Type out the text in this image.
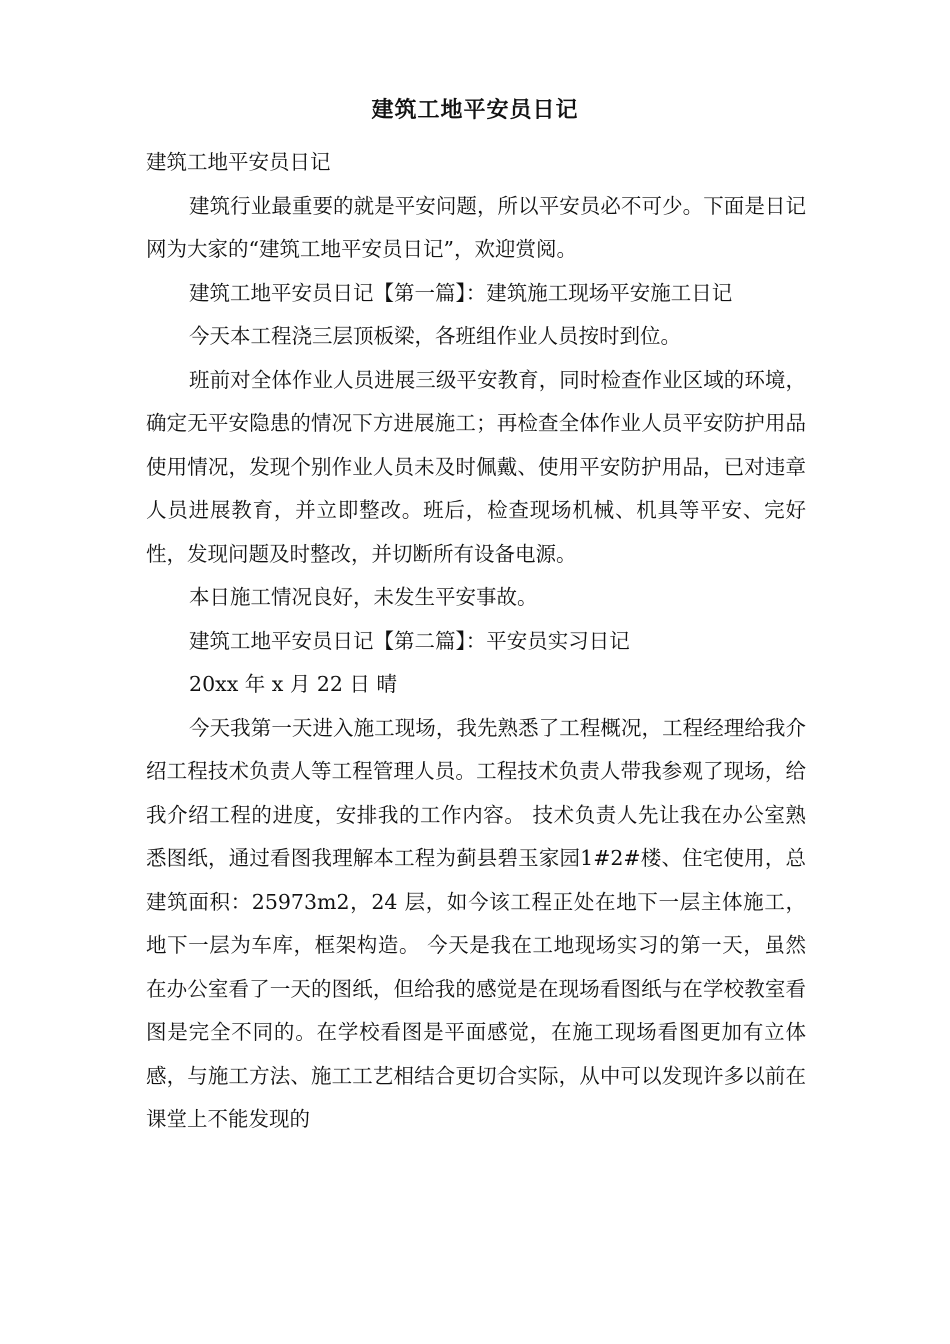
建筑工地平安员日记

建筑工地平安员日记

建筑行业最重要的就是平安问题，所以平安员必不可少。下面是日记网为大家的“建筑工地平安员日记”，欢迎赏阅。

建筑工地平安员日记【第一篇】：建筑施工现场平安施工日记

今天本工程浇三层顶板梁，各班组作业人员按时到位。

班前对全体作业人员进展三级平安教育，同时检查作业区域的环境，确定无平安隐患的情况下方进展施工；再检查全体作业人员平安防护用品使用情况，发现个别作业人员未及时佩戴、使用平安防护用品，已对违章人员进展教育，并立即整改。班后，检查现场机械、机具等平安、完好性，发现问题及时整改，并切断所有设备电源。

本日施工情况良好，未发生平安事故。

建筑工地平安员日记【第二篇】：平安员实习日记

20xx 年 x 月 22 日 晴

今天我第一天进入施工现场，我先熟悉了工程概况，工程经理给我介绍工程技术负责人等工程管理人员。工程技术负责人带我参观了现场，给我介绍工程的进度，安排我的工作内容。 技术负责人先让我在办公室熟悉图纸，通过看图我理解本工程为蓟县碧玉家园1#2#楼、住宅使用，总建筑面积：25973m2，24 层，如今该工程正处在地下一层主体施工，地下一层为车库，框架构造。 今天是我在工地现场实习的第一天，虽然在办公室看了一天的图纸，但给我的感觉是在现场看图纸与在学校教室看图是完全不同的。在学校看图是平面感觉，在施工现场看图更加有立体感，与施工方法、施工工艺相结合更切合实际，从中可以发现许多以前在课堂上不能发现的
